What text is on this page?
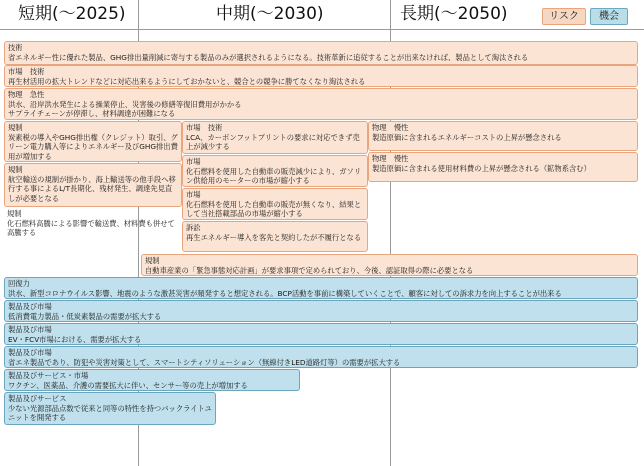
短期(～2025)	中期(～2030)	長期(～2050)	リスク	機会
技術
省エネルギー性に優れた製品、GHG排出量削減に寄与する製品のみが選択されるようになる。技術革新に追従することが出来なければ、製品として淘汰される
市場　技術
再生材活用の拡大トレンドなどに対応出来るようにしておかないと、競合との競争に勝てなくなり淘汰される
物理　急性
洪水、沿岸洪水発生による操業停止、災害後の修繕等復旧費用がかかる
サプライチェーンが停滞し、材料調達が困難になる
規制
炭素税の導入やGHG排出権（クレジット）取引、グリーン電力購入等によりエネルギー及びGHG排出費用が増加する
規制
航空輸送の規制が掛かり、海上輸送等の他手段へ移行する事によるL/T長期化、残材発生、調達先見直しが必要となる
規制
化石燃料高騰による影響で輸送費、材料費も併せて高騰する
市場　技術
LCA、カーボンフットプリントの要求に対応できず売上が減少する
市場
化石燃料を使用した自動車の販売減少により、ガソリン供給用のモーターの市場が縮小する
市場
化石燃料を使用した自動車の販売が無くなり、結果として当社搭載部品の市場が縮小する
訴訟
再生エネルギー導入を客先と契約したが不履行となる
物理　慢性
製造原価に含まれるエネルギーコストの上昇が懸念される
物理　慢性
製造原価に含まれる使用材料費の上昇が懸念される（鉱物系含む）
規制
自動車産業の「緊急事態対応計画」が要求事項で定められており、今後、認証取得の際に必要となる
回復力
洪水、新型コロナウイルス影響、地震のような激甚災害が頻発すると想定される。BCP活動を事前に構築していくことで、顧客に対しての訴求力を向上することが出来る
製品及び市場
低消費電力製品・低炭素製品の需要が拡大する
製品及び市場
EV・FCV市場における、需要が拡大する
製品及び市場
省エネ製品であり、防犯や災害対策として、スマートシティソリューション（無線付きLED道路灯等）の需要が拡大する
製品及びサービス・市場
ワクチン、医薬品、介護の需要拡大に伴い、センサー等の売上が増加する
製品及びサービス
少ない光源部品点数で従来と同等の特性を持つバックライトユニットを開発する
